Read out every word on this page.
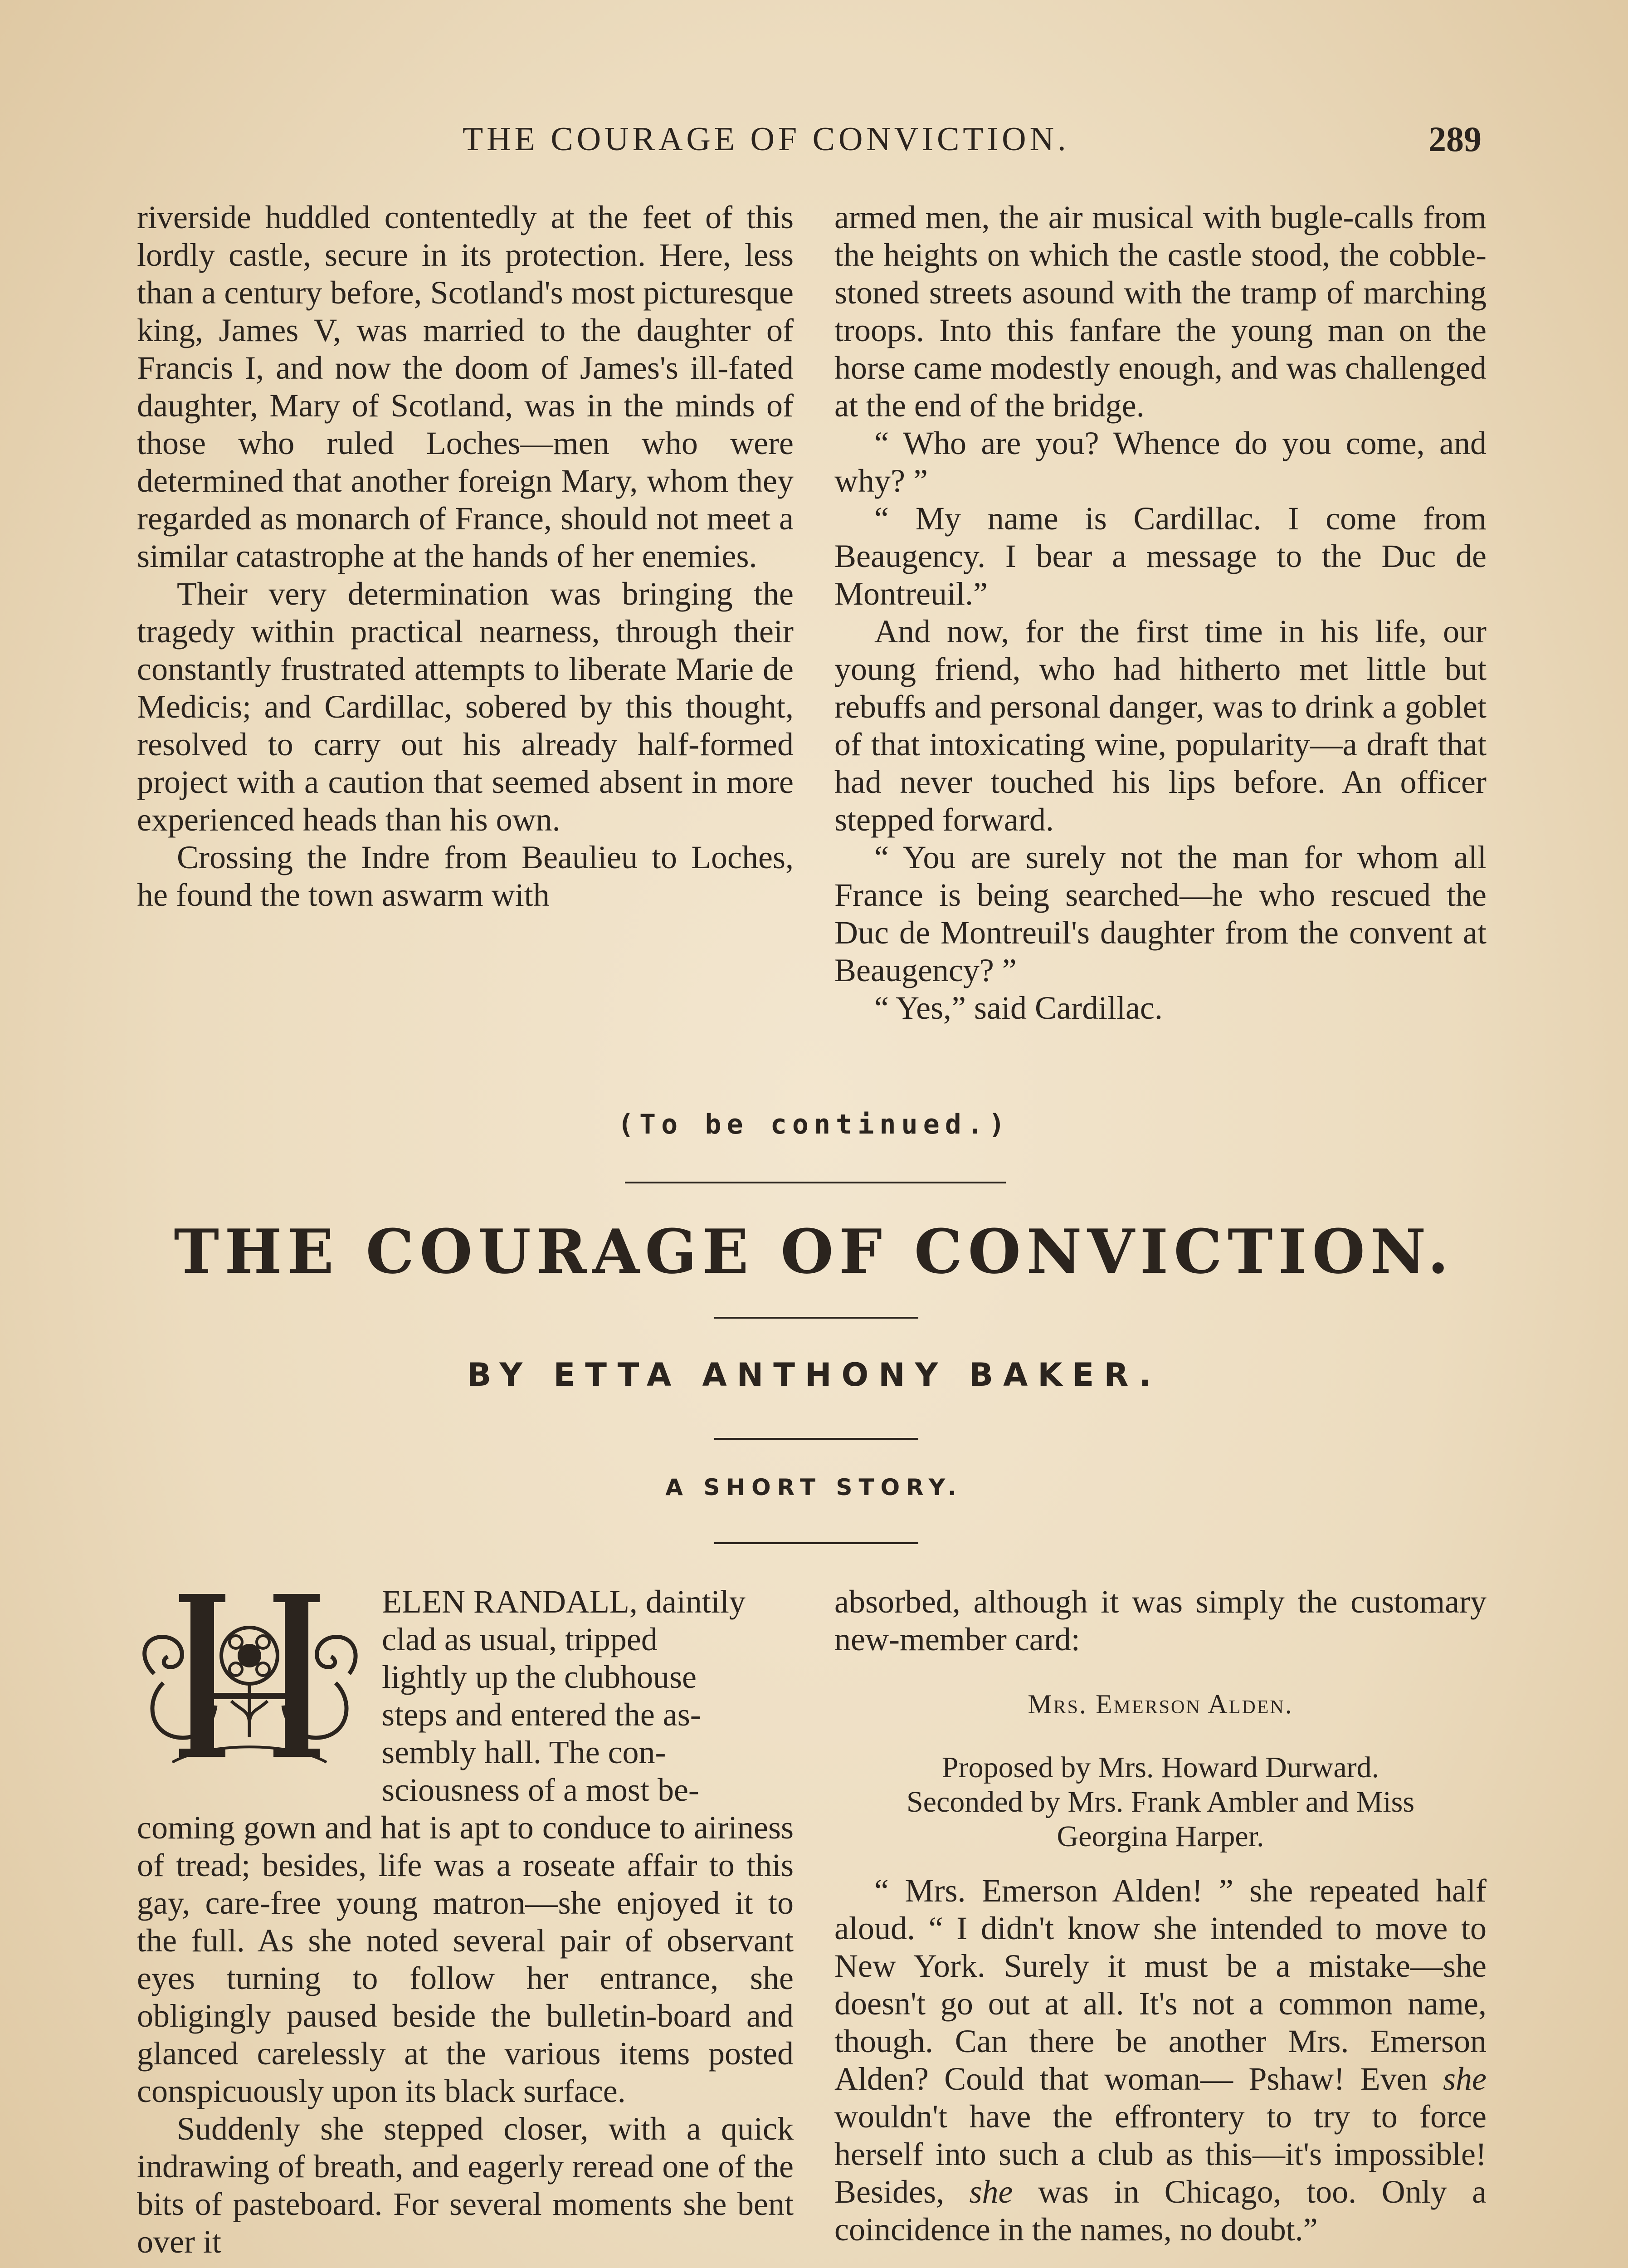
THE COURAGE OF CONVICTION.	289

riverside huddled contentedly at the feet of this lordly castle, secure in its protection. Here, less than a century before, Scotland's most picturesque king, James V, was married to the daughter of Francis I, and now the doom of James's ill-fated daughter, Mary of Scotland, was in the minds of those who ruled Loches—men who were determined that another foreign Mary, whom they regarded as monarch of France, should not meet a similar catastrophe at the hands of her enemies.

Their very determination was bringing the tragedy within practical nearness, through their constantly frustrated attempts to liberate Marie de Medicis; and Cardillac, sobered by this thought, resolved to carry out his already half-formed project with a caution that seemed absent in more experienced heads than his own.

Crossing the Indre from Beaulieu to Loches, he found the town aswarm with

armed men, the air musical with bugle-calls from the heights on which the castle stood, the cobble-stoned streets asound with the tramp of marching troops. Into this fanfare the young man on the horse came modestly enough, and was challenged at the end of the bridge.

“ Who are you? Whence do you come, and why? ”

“ My name is Cardillac. I come from Beaugency. I bear a message to the Duc de Montreuil.”

And now, for the first time in his life, our young friend, who had hitherto met little but rebuffs and personal danger, was to drink a goblet of that intoxicating wine, popularity—a draft that had never touched his lips before. An officer stepped forward.

“ You are surely not the man for whom all France is being searched—he who rescued the Duc de Montreuil's daughter from the convent at Beaugency? ”

“ Yes,” said Cardillac.

(To be continued.)
THE COURAGE OF CONVICTION.
BY ETTA ANTHONY BAKER.
A SHORT STORY.

ELEN RANDALL, daintily
clad as usual, tripped
lightly up the clubhouse
steps and entered the as-
sembly hall. The con-
sciousness of a most be-
coming gown and hat is apt to conduce to airiness of tread; besides, life was a roseate affair to this gay, care-free young matron—she enjoyed it to the full. As she noted several pair of observant eyes turning to follow her entrance, she obligingly paused beside the bulletin-board and glanced carelessly at the various items posted conspicuously upon its black surface.

Suddenly she stepped closer, with a quick indrawing of breath, and eagerly reread one of the bits of pasteboard. For several moments she bent over it

absorbed, although it was simply the customary new-member card:

Mrs. Emerson Alden.
Proposed by Mrs. Howard Durward.
Seconded by Mrs. Frank Ambler and Miss
Georgina Harper.

“ Mrs. Emerson Alden! ” she repeated half aloud. “ I didn't know she intended to move to New York. Surely it must be a mistake—she doesn't go out at all. It's not a common name, though. Can there be another Mrs. Emerson Alden? Could that woman— Pshaw! Even she wouldn't have the effrontery to try to force herself into such a club as this—it's impossible! Besides, she was in Chicago, too. Only a coincidence in the names, no doubt.”
